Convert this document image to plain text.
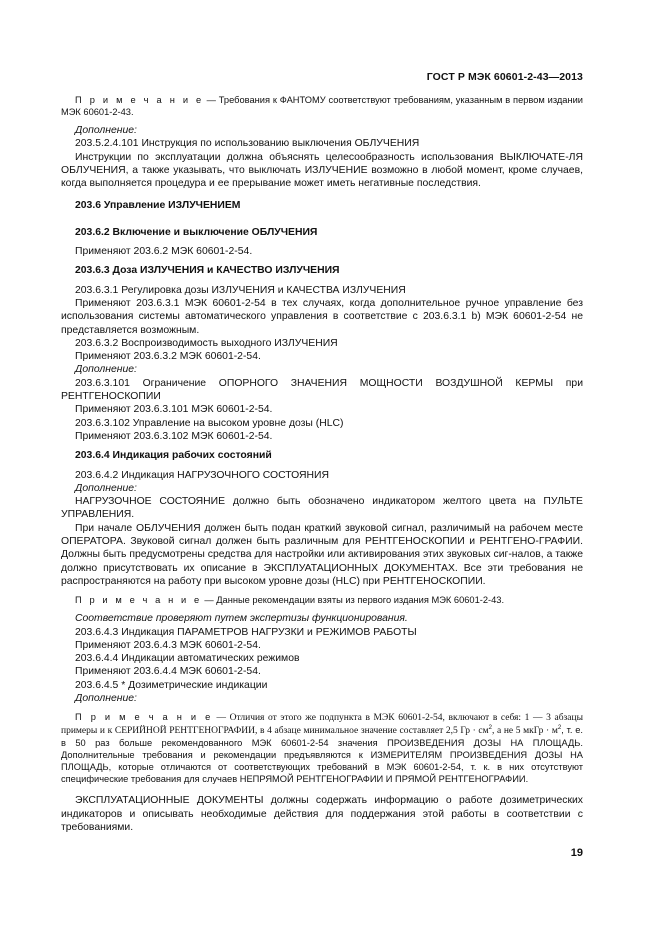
ГОСТ Р МЭК 60601-2-43—2013

П р и м е ч а н и е — Требования к ФАНТОМУ соответствуют требованиям, указанным в первом издании МЭК 60601-2-43.

Дополнение:

203.5.2.4.101 Инструкция по использованию выключения ОБЛУЧЕНИЯ

Инструкции по эксплуатации должна объяснять целесообразность использования ВЫКЛЮЧАТЕ-ЛЯ ОБЛУЧЕНИЯ, а также указывать, что выключать ИЗЛУЧЕНИЕ возможно в любой момент, кроме случаев, когда выполняется процедура и ее прерывание может иметь негативные последствия.

203.6 Управление ИЗЛУЧЕНИЕМ

203.6.2 Включение и выключение ОБЛУЧЕНИЯ

Применяют 203.6.2 МЭК 60601-2-54.

203.6.3 Доза ИЗЛУЧЕНИЯ и КАЧЕСТВО ИЗЛУЧЕНИЯ

203.6.3.1 Регулировка дозы ИЗЛУЧЕНИЯ и КАЧЕСТВА ИЗЛУЧЕНИЯ

Применяют 203.6.3.1 МЭК 60601-2-54 в тех случаях, когда дополнительное ручное управление без использования системы автоматического управления в соответствие с 203.6.3.1 b) МЭК 60601-2-54 не представляется возможным.

203.6.3.2 Воспроизводимость выходного ИЗЛУЧЕНИЯ

Применяют 203.6.3.2 МЭК 60601-2-54.

Дополнение:

203.6.3.101 Ограничение ОПОРНОГО ЗНАЧЕНИЯ МОЩНОСТИ ВОЗДУШНОЙ КЕРМЫ при РЕНТГЕНОСКОПИИ

Применяют 203.6.3.101 МЭК 60601-2-54.

203.6.3.102 Управление на высоком уровне дозы (HLC)

Применяют 203.6.3.102 МЭК 60601-2-54.

203.6.4 Индикация рабочих состояний

203.6.4.2 Индикация НАГРУЗОЧНОГО СОСТОЯНИЯ

Дополнение:

НАГРУЗОЧНОЕ СОСТОЯНИЕ должно быть обозначено индикатором желтого цвета на ПУЛЬТЕ УПРАВЛЕНИЯ.

При начале ОБЛУЧЕНИЯ должен быть подан краткий звуковой сигнал, различимый на рабочем месте ОПЕРАТОРА. Звуковой сигнал должен быть различным для РЕНТГЕНОСКОПИИ и РЕНТГЕНО-ГРАФИИ. Должны быть предусмотрены средства для настройки или активирования этих звуковых сиг-налов, а также должно присутствовать их описание в ЭКСПЛУАТАЦИОННЫХ ДОКУМЕНТАХ. Все эти требования не распространяются на работу при высоком уровне дозы (HLC) при РЕНТГЕНОСКОПИИ.

П р и м е ч а н и е — Данные рекомендации взяты из первого издания МЭК 60601-2-43.

Соответствие проверяют путем экспертизы функционирования.

203.6.4.3 Индикация ПАРАМЕТРОВ НАГРУЗКИ и РЕЖИМОВ РАБОТЫ

Применяют 203.6.4.3 МЭК 60601-2-54.

203.6.4.4 Индикации автоматических режимов

Применяют 203.6.4.4 МЭК 60601-2-54.

203.6.4.5 * Дозиметрические индикации

Дополнение:

П р и м е ч а н и е — Отличия от этого же подпункта в МЭК 60601-2-54, включают в себя: 1 — 3 абзацы примеры и к СЕРИЙНОЙ РЕНТГЕНОГРАФИИ, в 4 абзаце минимальное значение составляет 2,5 Гр · $см^2$, а не 5 мкГр · $м^2$, т. е. в 50 раз больше рекомендованного МЭК 60601-2-54 значения ПРОИЗВЕДЕНИЯ ДОЗЫ НА ПЛОЩАДЬ. Дополнительные требования и рекомендации предъявляются к ИЗМЕРИТЕЛЯМ ПРОИЗВЕДЕНИЯ ДОЗЫ НА ПЛОЩАДЬ, которые отличаются от соответствующих требований в МЭК 60601-2-54, т. к. в них отсутствуют специфические требования для случаев НЕПРЯМОЙ РЕНТГЕНОГРАФИИ И ПРЯМОЙ РЕНТГЕНОГРАФИИ.

ЭКСПЛУАТАЦИОННЫЕ ДОКУМЕНТЫ должны содержать информацию о работе дозиметрических индикаторов и описывать необходимые действия для поддержания этой работы в соответствии с требованиями.

19
